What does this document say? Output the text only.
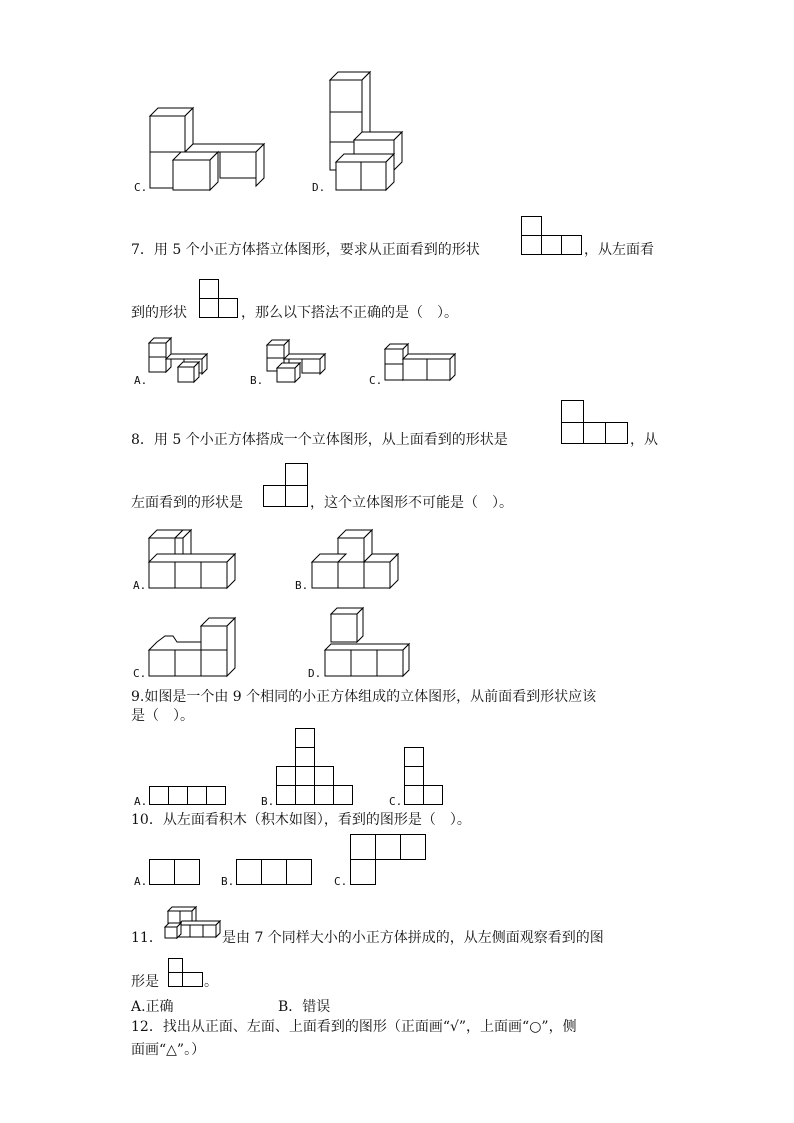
C.	D.
7．用 5 个小正方体搭立体图形，要求从正面看到的形状	，从左面看
到的形状	，那么以下搭法不正确的是（　）。
A.	B.	C.
8．用 5 个小正方体搭成一个立体图形，从上面看到的形状是	，从
左面看到的形状是	，这个立体图形不可能是（　）。
A.	B.
C.	D.
9.如图是一个由 9 个相同的小正方体组成的立体图形，从前面看到形状应该
是（　）。
A.	B.	C.
10．从左面看积木（积木如图），看到的图形是（　）。
A.	B.	C.
11．	是由 7 个同样大小的小正方体拼成的，从左侧面观察看到的图
形是	。
A.正确	B．错误
12．找出从正面、左面、上面看到的图形（正面画“√”，上面画“○”，侧
面画“△”。）
